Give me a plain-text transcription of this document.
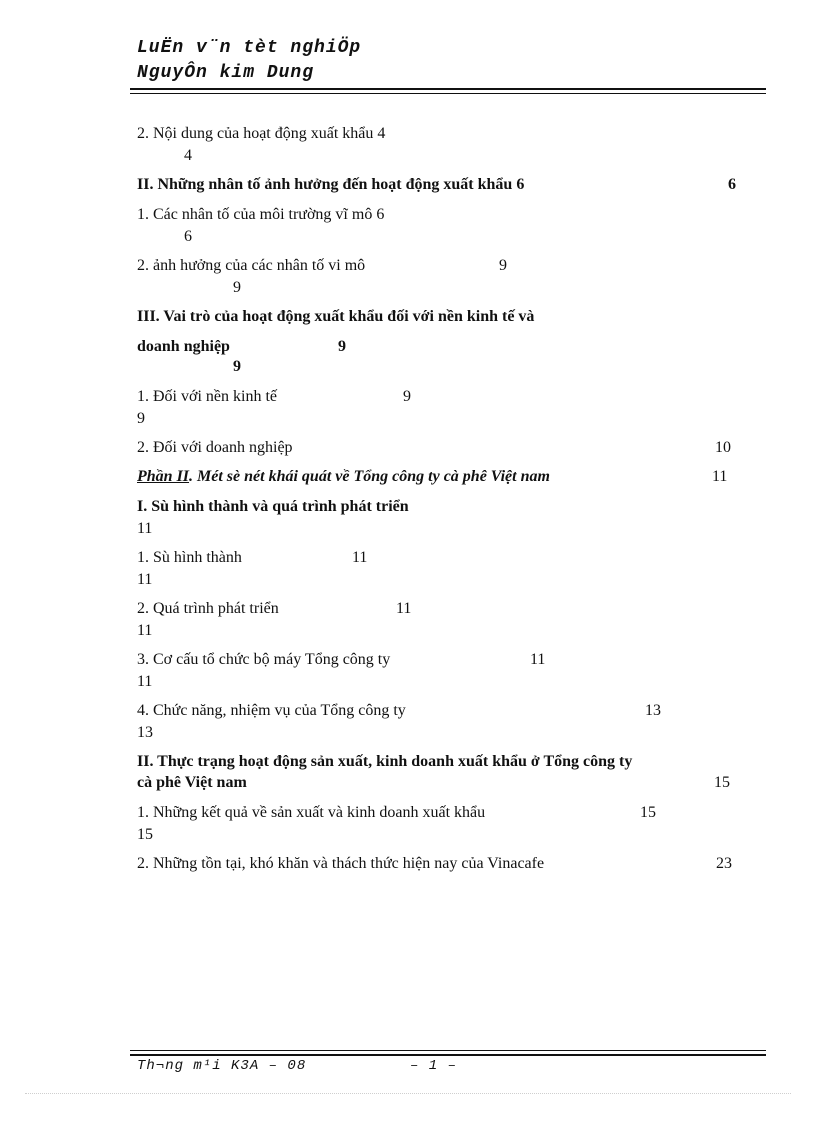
LuËn v¨n tèt nghiÖp
NguyÔn kim Dung
2. Nội dung của hoạt động xuất khẩu 4
4
II. Những nhân tố ảnh hưởng đến hoạt động xuất khẩu 6	6
1. Các nhân tố của môi trường vĩ mô 6
6
2. ảnh hưởng của các nhân tố vi mô	9
9
III. Vai trò của hoạt động xuất khẩu đối với nền kinh tế và
doanh nghiệp	9
9
1. Đối với nền kinh tế	9
9
2. Đối với doanh nghiệp	10
Phần II. Mét sè nét khái quát về Tổng công ty cà phê Việt nam	11
I. Sù hình thành và quá trình phát triển
11
1. Sù hình thành	11
11
2. Quá trình phát triển	11
11
3. Cơ cấu tổ chức bộ máy Tổng công ty	11
11
4. Chức năng, nhiệm vụ của Tổng công ty	13
13
II. Thực trạng hoạt động sản xuất, kinh doanh xuất khẩu ở Tổng công ty
cà phê Việt nam	15
1. Những kết quả về sản xuất và kinh doanh xuất khẩu	15
15
2. Những tồn tại, khó khăn và thách thức hiện nay của Vinacafe	23
Th¬ng m¹i K3A – 08	– 1 –
